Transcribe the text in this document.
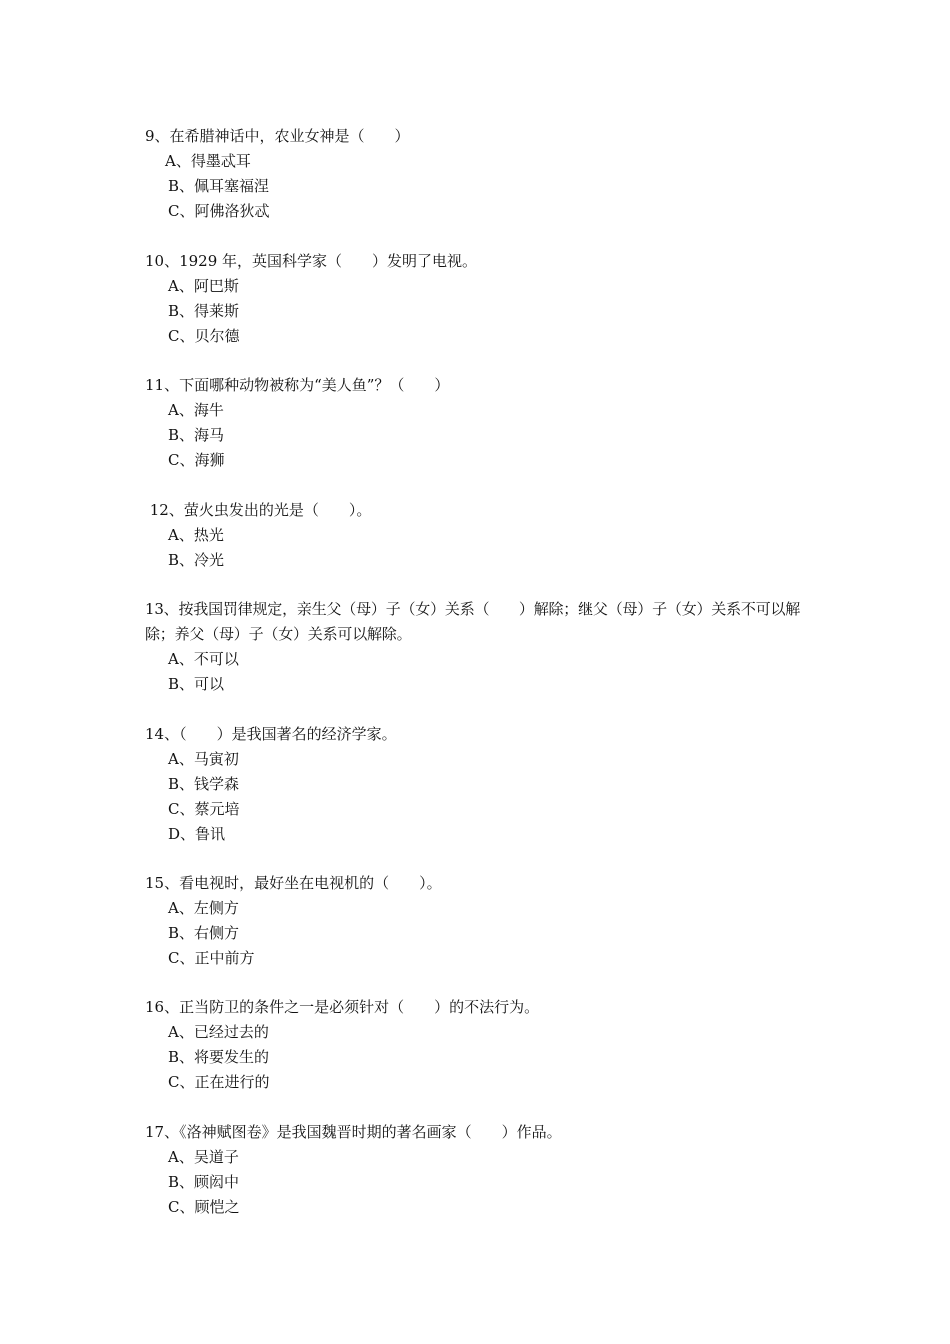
9、在希腊神话中，农业女神是（　　）
A、得墨忒耳
B、佩耳塞福涅
C、阿佛洛狄忒
10、1929 年，英国科学家（　　）发明了电视。
A、阿巴斯
B、得莱斯
C、贝尔德
11、下面哪种动物被称为“美人鱼”？（　　）
A、海牛
B、海马
C、海狮
12、萤火虫发出的光是（　　）。
A、热光
B、冷光
13、按我国罚律规定，亲生父（母）子（女）关系（　　）解除；继父（母）子（女）关系不可以解除；养父（母）子（女）关系可以解除。
A、不可以
B、可以
14、（　　）是我国著名的经济学家。
A、马寅初
B、钱学森
C、蔡元培
D、鲁讯
15、看电视时，最好坐在电视机的（　　）。
A、左侧方
B、右侧方
C、正中前方
16、正当防卫的条件之一是必须针对（　　）的不法行为。
A、已经过去的
B、将要发生的
C、正在进行的
17、《洛神赋图卷》是我国魏晋时期的著名画家（　　）作品。
A、吴道子
B、顾闳中
C、顾恺之
